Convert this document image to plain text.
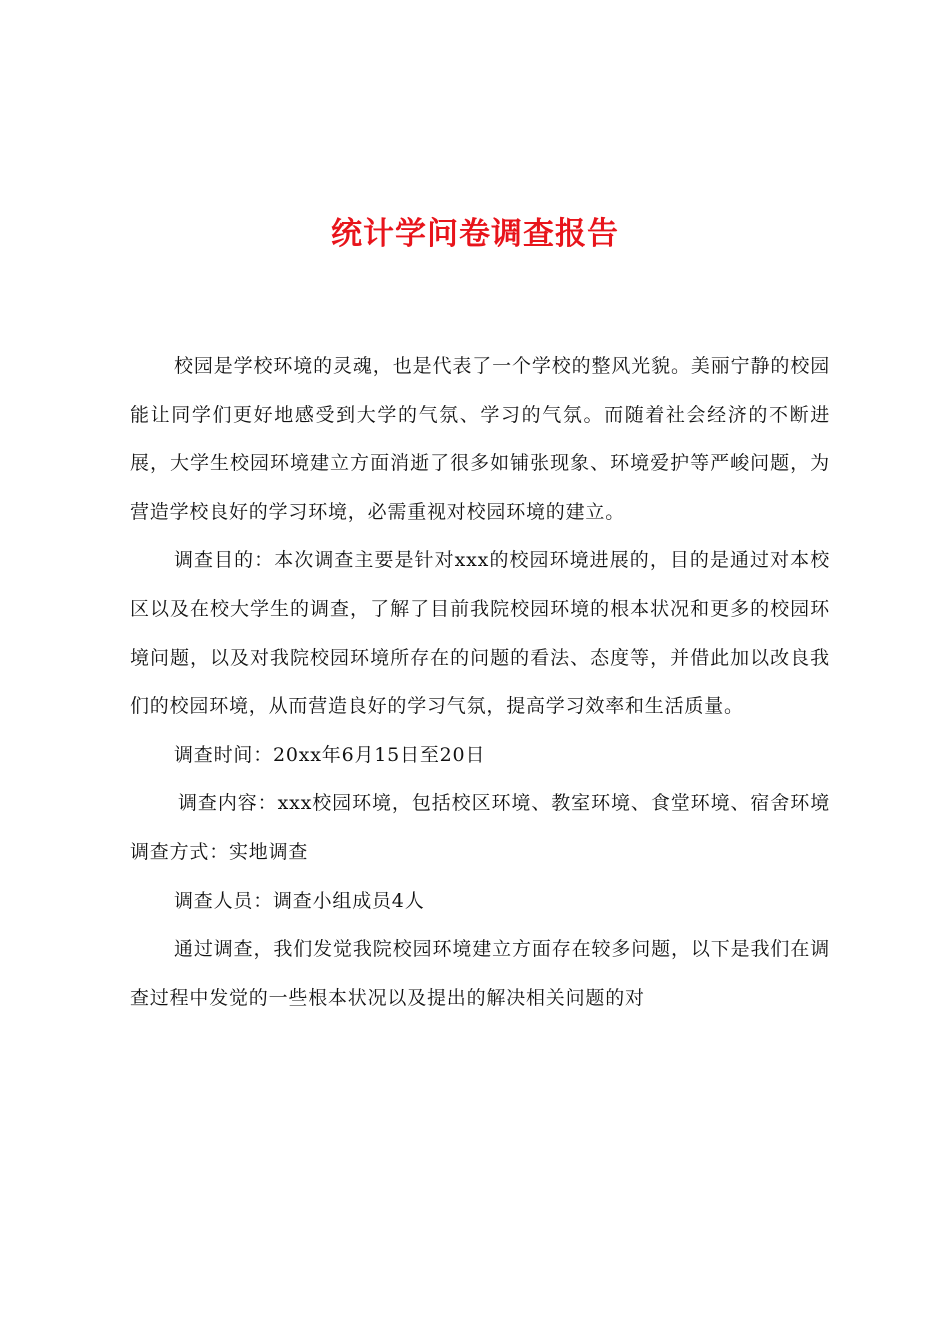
统计学问卷调查报告

校园是学校环境的灵魂，也是代表了一个学校的整风光貌。美丽宁静的校园能让同学们更好地感受到大学的气氛、学习的气氛。而随着社会经济的不断进展，大学生校园环境建立方面消逝了很多如铺张现象、环境爱护等严峻问题，为营造学校良好的学习环境，必需重视对校园环境的建立。

调查目的：本次调查主要是针对xxx的校园环境进展的，目的是通过对本校区以及在校大学生的调查，了解了目前我院校园环境的根本状况和更多的校园环境问题，以及对我院校园环境所存在的问题的看法、态度等，并借此加以改良我们的校园环境，从而营造良好的学习气氛，提高学习效率和生活质量。

调查时间：20xx年6月15日至20日

调查内容：xxx校园环境，包括校区环境、教室环境、食堂环境、宿舍环境 调查方式：实地调查

调查人员：调查小组成员4人

通过调查，我们发觉我院校园环境建立方面存在较多问题，以下是我们在调查过程中发觉的一些根本状况以及提出的解决相关问题的对
